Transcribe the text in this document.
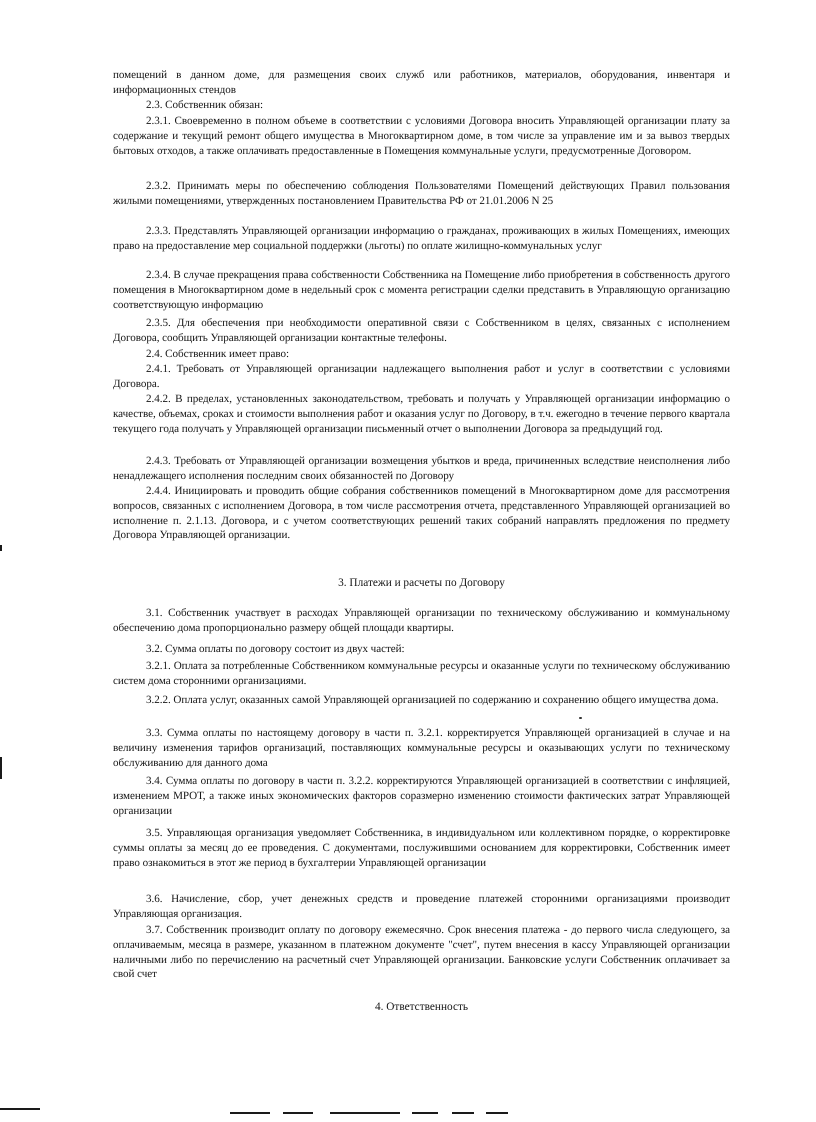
помещений в данном доме, для размещения своих служб или работников, материалов, оборудования, инвентаря и информационных стендов

2.3. Собственник обязан:

2.3.1. Своевременно в полном объеме в соответствии с условиями Договора вносить Управляющей организации плату за содержание и текущий ремонт общего имущества в Многоквартирном доме, в том числе за управление им и за вывоз твердых бытовых отходов, а также оплачивать предоставленные в Помещения коммунальные услуги, предусмотренные Договором.

2.3.2. Принимать меры по обеспечению соблюдения Пользователями Помещений действующих Правил пользования жилыми помещениями, утвержденных постановлением Правительства РФ от 21.01.2006 N 25

2.3.3. Представлять Управляющей организации информацию о гражданах, проживающих в жилых Помещениях, имеющих право на предоставление мер социальной поддержки (льготы) по оплате жилищно-коммунальных услуг

2.3.4. В случае прекращения права собственности Собственника на Помещение либо приобретения в собственность другого помещения в Многоквартирном доме в недельный срок с момента регистрации сделки представить в Управляющую организацию соответствующую информацию

2.3.5. Для обеспечения при необходимости оперативной связи с Собственником в целях, связанных с исполнением Договора, сообщить Управляющей организации контактные телефоны.

2.4. Собственник имеет право:

2.4.1. Требовать от Управляющей организации надлежащего выполнения работ и услуг в соответствии с условиями Договора.

2.4.2. В пределах, установленных законодательством, требовать и получать у Управляющей организации информацию о качестве, объемах, сроках и стоимости выполнения работ и оказания услуг по Договору, в т.ч. ежегодно в течение первого квартала текущего года получать у Управляющей организации письменный отчет о выполнении Договора за предыдущий год.

2.4.3. Требовать от Управляющей организации возмещения убытков и вреда, причиненных вследствие неисполнения либо ненадлежащего исполнения последним своих обязанностей по Договору

2.4.4. Инициировать и проводить общие собрания собственников помещений в Многоквартирном доме для рассмотрения вопросов, связанных с исполнением Договора, в том числе рассмотрения отчета, представленного Управляющей организацией во исполнение п. 2.1.13. Договора, и с учетом соответствующих решений таких собраний направлять предложения по предмету Договора Управляющей организации.

3. Платежи и расчеты по Договору

3.1. Собственник участвует в расходах Управляющей организации по техническому обслуживанию и коммунальному обеспечению дома пропорционально размеру общей площади квартиры.

3.2. Сумма оплаты по договору состоит из двух частей:

3.2.1. Оплата за потребленные Собственником коммунальные ресурсы и оказанные услуги по техническому обслуживанию систем дома сторонними организациями.

3.2.2. Оплата услуг, оказанных самой Управляющей организацией по содержанию и сохранению общего имущества дома.

3.3. Сумма оплаты по настоящему договору в части п. 3.2.1. корректируется Управляющей организацией в случае и на величину изменения тарифов организаций, поставляющих коммунальные ресурсы и оказывающих услуги по техническому обслуживанию для данного дома

3.4. Сумма оплаты по договору в части п. 3.2.2. корректируются Управляющей организацией в соответствии с инфляцией, изменением МРОТ, а также иных экономических факторов соразмерно изменению стоимости фактических затрат Управляющей организации

3.5. Управляющая организация уведомляет Собственника, в индивидуальном или коллективном порядке, о корректировке суммы оплаты за месяц до ее проведения. С документами, послужившими основанием для корректировки, Собственник имеет право ознакомиться в этот же период в бухгалтерии Управляющей организации

3.6. Начисление, сбор, учет денежных средств и проведение платежей сторонними организациями производит Управляющая организация.

3.7. Собственник производит оплату по договору ежемесячно. Срок внесения платежа - до первого числа следующего, за оплачиваемым, месяца в размере, указанном в платежном документе "счет", путем внесения в кассу Управляющей организации наличными либо по перечислению на расчетный счет Управляющей организации. Банковские услуги Собственник оплачивает за свой счет

4. Ответственность
